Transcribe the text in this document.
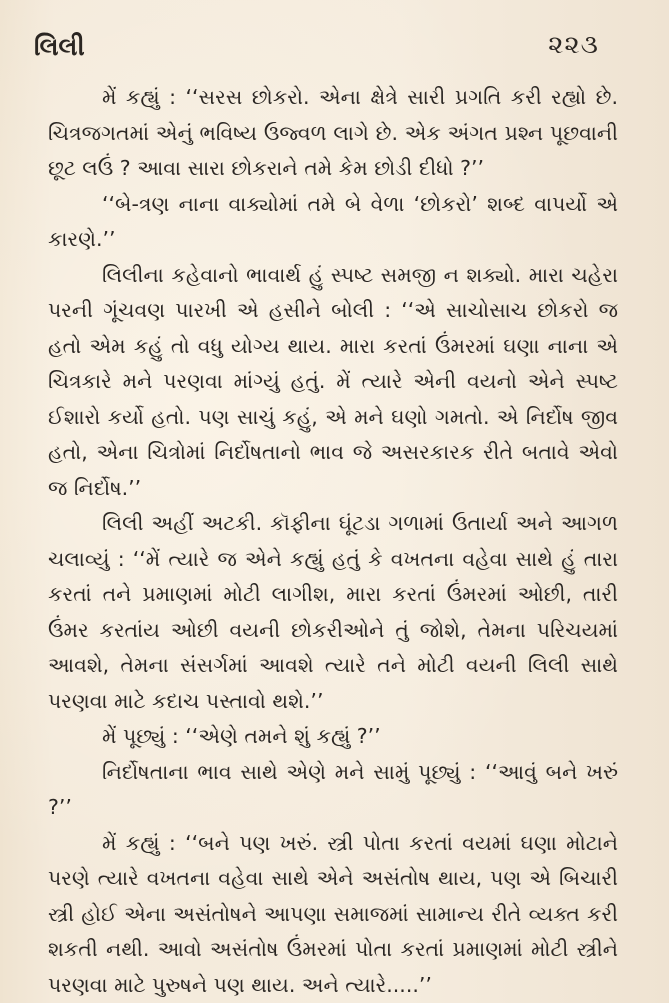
લિલી	૨૨૩

મેં કહ્યું : ‘‘સરસ છોકરો. એના ક્ષેત્રે સારી પ્રગતિ કરી રહ્યો છે. ચિત્રજગતમાં એનું ભવિષ્ય ઉજ્વળ લાગે છે. એક અંગત પ્રશ્ન પૂછવાની છૂટ લઉં ? આવા સારા છોકરાને તમે કેમ છોડી દીધો ?’’

‘‘બે-ત્રણ નાના વાક્યોમાં તમે બે વેળા ‘છોકરો’ શબ્દ વાપર્યો એ કારણે.’’

લિલીના કહેવાનો ભાવાર્થ હું સ્પષ્ટ સમજી ન શક્યો. મારા ચહેરા પરની ગૂંચવણ પારખી એ હસીને બોલી : ‘‘એ સાચોસાચ છોકરો જ હતો એમ કહું તો વધુ યોગ્ય થાય. મારા કરતાં ઉંમરમાં ઘણા નાના એ ચિત્રકારે મને પરણવા માંગ્યું હતું. મેં ત્યારે એની વયનો એને સ્પષ્ટ ઈશારો કર્યો હતો. પણ સાચું કહું, એ મને ઘણો ગમતો. એ નિર્દોષ જીવ હતો, એના ચિત્રોમાં નિર્દોષતાનો ભાવ જે અસરકારક રીતે બતાવે એવો જ નિર્દોષ.’’

લિલી અહીં અટકી. કૉફીના ઘૂંટડા ગળામાં ઉતાર્યા અને આગળ ચલાવ્યું : ‘‘મેં ત્યારે જ એને કહ્યું હતું કે વખતના વહેવા સાથે હું તારા કરતાં તને પ્રમાણમાં મોટી લાગીશ, મારા કરતાં ઉંમરમાં ઓછી, તારી ઉંમર કરતાંય ઓછી વયની છોકરીઓને તું જોશે, તેમના પરિચયમાં આવશે, તેમના સંસર્ગમાં આવશે ત્યારે તને મોટી વયની લિલી સાથે પરણવા માટે કદાચ પસ્તાવો થશે.’’

મેં પૂછ્યું : ‘‘એણે તમને શું કહ્યું ?’’

નિર્દોષતાના ભાવ સાથે એણે મને સામું પૂછ્યું : ‘‘આવું બને ખરું ?’’

મેં કહ્યું : ‘‘બને પણ ખરું. સ્ત્રી પોતા કરતાં વયમાં ઘણા મોટાને પરણે ત્યારે વખતના વહેવા સાથે એને અસંતોષ થાય, પણ એ બિચારી સ્ત્રી હોઈ એના અસંતોષને આપણા સમાજમાં સામાન્ય રીતે વ્યક્ત કરી શકતી નથી. આવો અસંતોષ ઉંમરમાં પોતા કરતાં પ્રમાણમાં મોટી સ્ત્રીને પરણવા માટે પુરુષને પણ થાય. અને ત્યારે.....’’
